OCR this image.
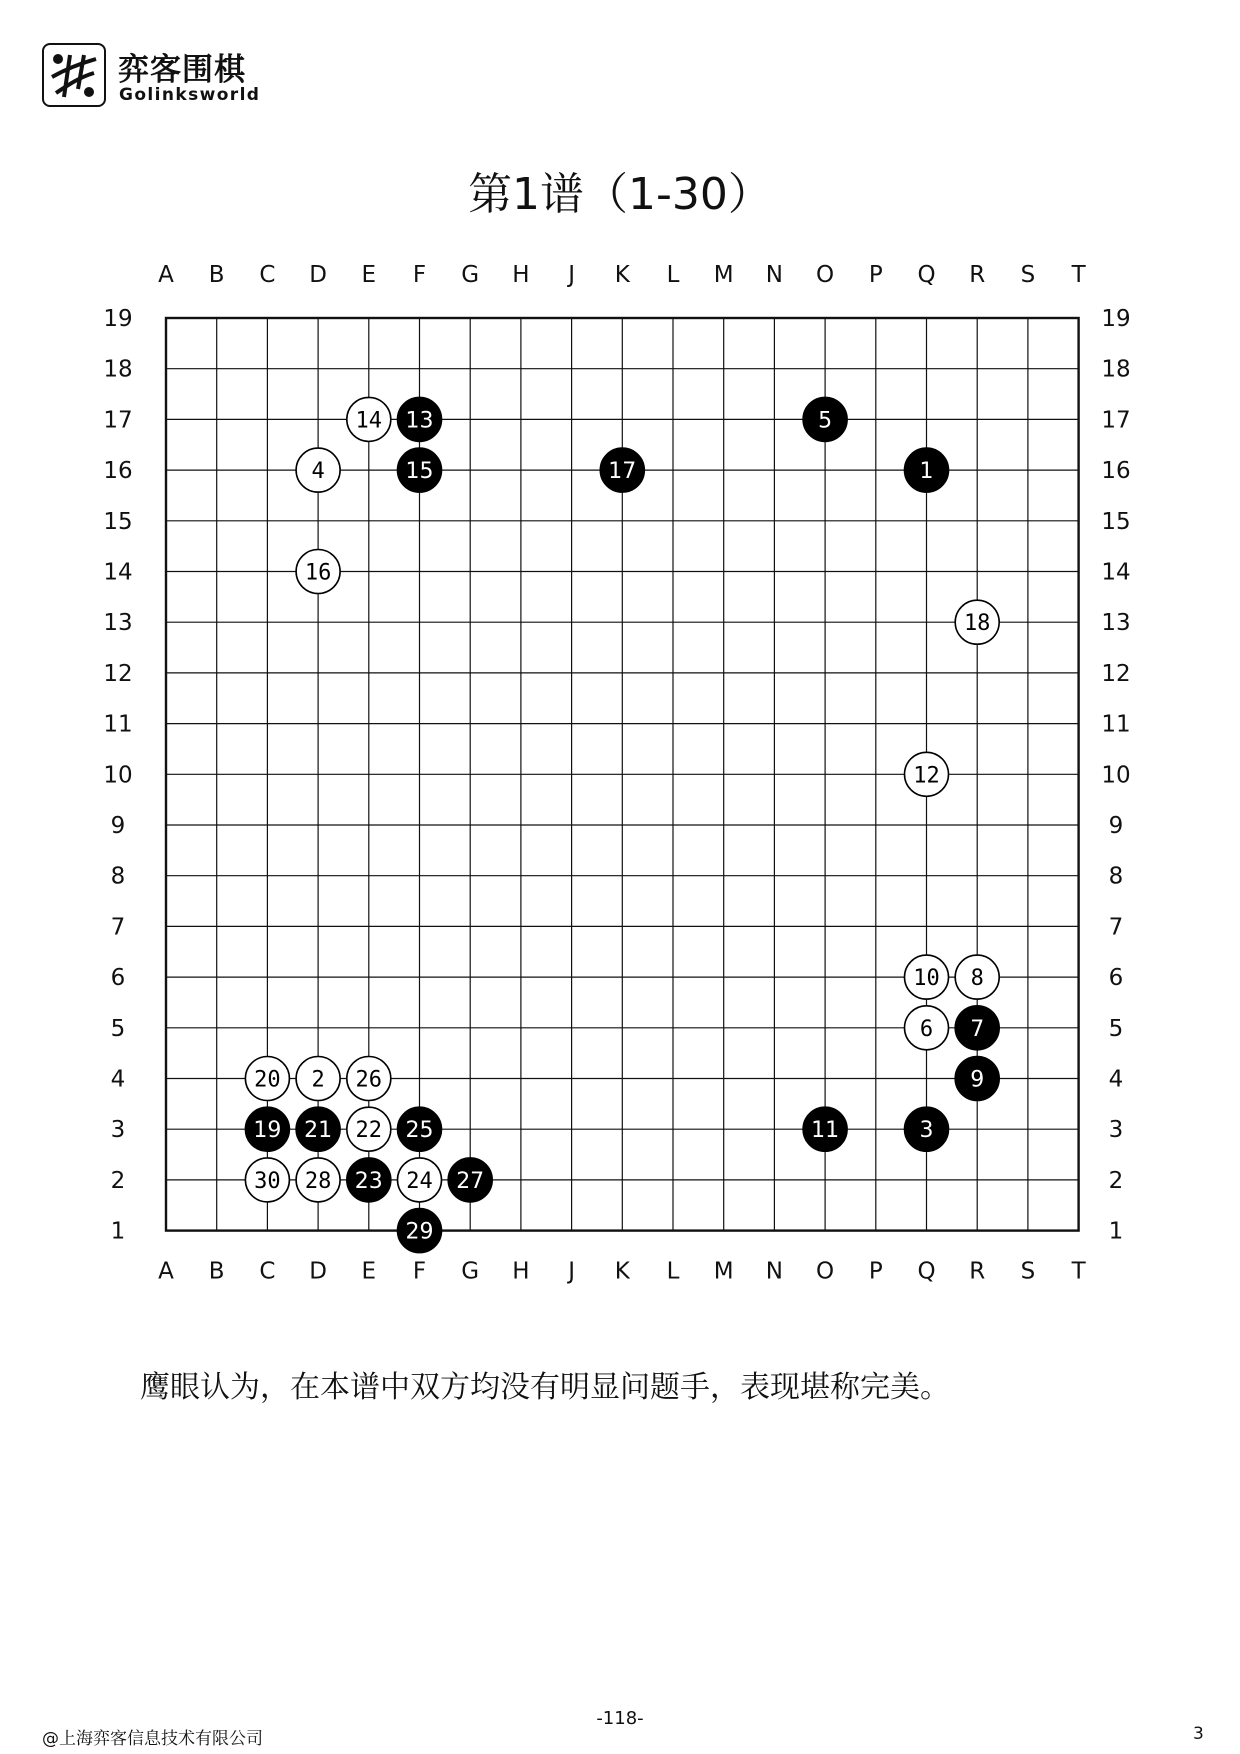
弈客围棋
Golinksworld
第1谱（1-30）
A
A
B
B
C
C
D
D
E
E
F
F
G
G
H
H
J
J
K
K
L
L
M
M
N
N
O
O
P
P
Q
Q
R
R
S
S
T
T
19	19
18	18
17	17
16	16
15	15
14	14
13	13
12	12
11	11
10	10
9	9
8	8
7	7
6	6
5	5
4	4
3	3
2	2
1	1
1
2
3
4
5
6 7
8
9
10
11
12
13
14
15
16
17
18
19
20
21 22
23 24
25
26
27
28
29
30
鹰眼认为，在本谱中双方均没有明显问题手，表现堪称完美。
-118-
@上海弈客信息技术有限公司	3
